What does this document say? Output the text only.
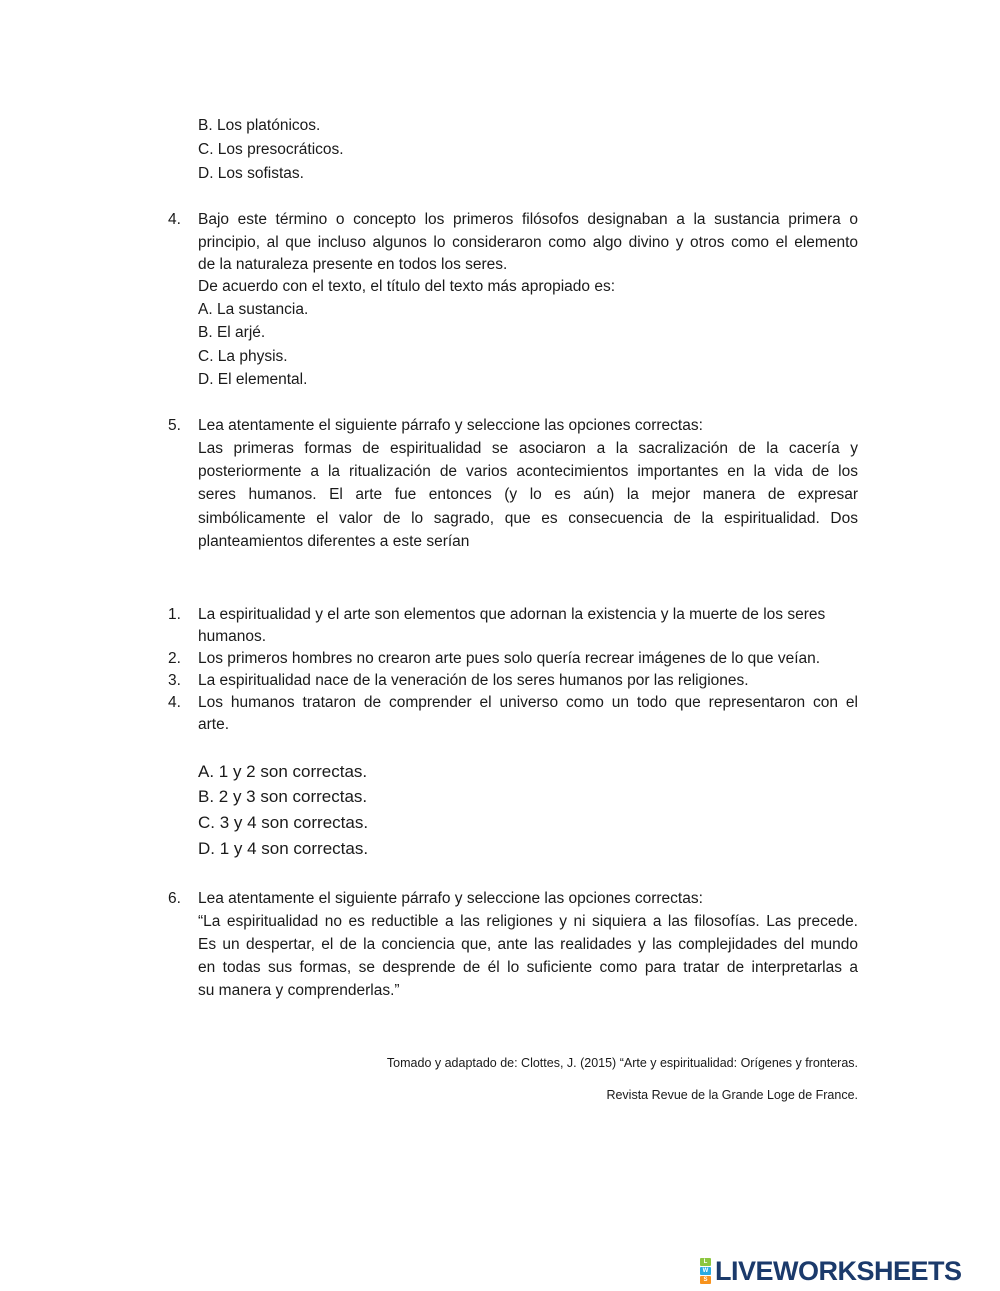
B. Los platónicos.
C. Los presocráticos.
D. Los sofistas.
4. Bajo este término o concepto los primeros filósofos designaban a la sustancia primera o
principio, al que incluso algunos lo consideraron como algo divino y otros como el elemento
de la naturaleza presente en todos los seres.
De acuerdo con el texto, el título del texto más apropiado es:
A. La sustancia.
B. El arjé.
C. La physis.
D. El elemental.
5. Lea atentamente el siguiente párrafo y seleccione las opciones correctas:
Las primeras formas de espiritualidad se asociaron a la sacralización de la cacería y
posteriormente a la ritualización de varios acontecimientos importantes en la vida de los
seres humanos. El arte fue entonces (y lo es aún) la mejor manera de expresar
simbólicamente el valor de lo sagrado, que es consecuencia de la espiritualidad. Dos
planteamientos diferentes a este serían
1. La espiritualidad y el arte son elementos que adornan la existencia y la muerte de los seres
humanos.
2. Los primeros hombres no crearon arte pues solo quería recrear imágenes de lo que veían.
3. La espiritualidad nace de la veneración de los seres humanos por las religiones.
4. Los humanos trataron de comprender el universo como un todo que representaron con el
arte.
A. 1 y 2 son correctas.
B. 2 y 3 son correctas.
C. 3 y 4 son correctas.
D. 1 y 4 son correctas.
6. Lea atentamente el siguiente párrafo y seleccione las opciones correctas:
“La espiritualidad no es reductible a las religiones y ni siquiera a las filosofías. Las precede.
Es un despertar, el de la conciencia que, ante las realidades y las complejidades del mundo
en todas sus formas, se desprende de él lo suficiente como para tratar de interpretarlas a
su manera y comprenderlas.”
Tomado y adaptado de: Clottes, J. (2015) “Arte y espiritualidad: Orígenes y fronteras.
Revista Revue de la Grande Loge de France.
L
W
S LIVEWORKSHEETS
